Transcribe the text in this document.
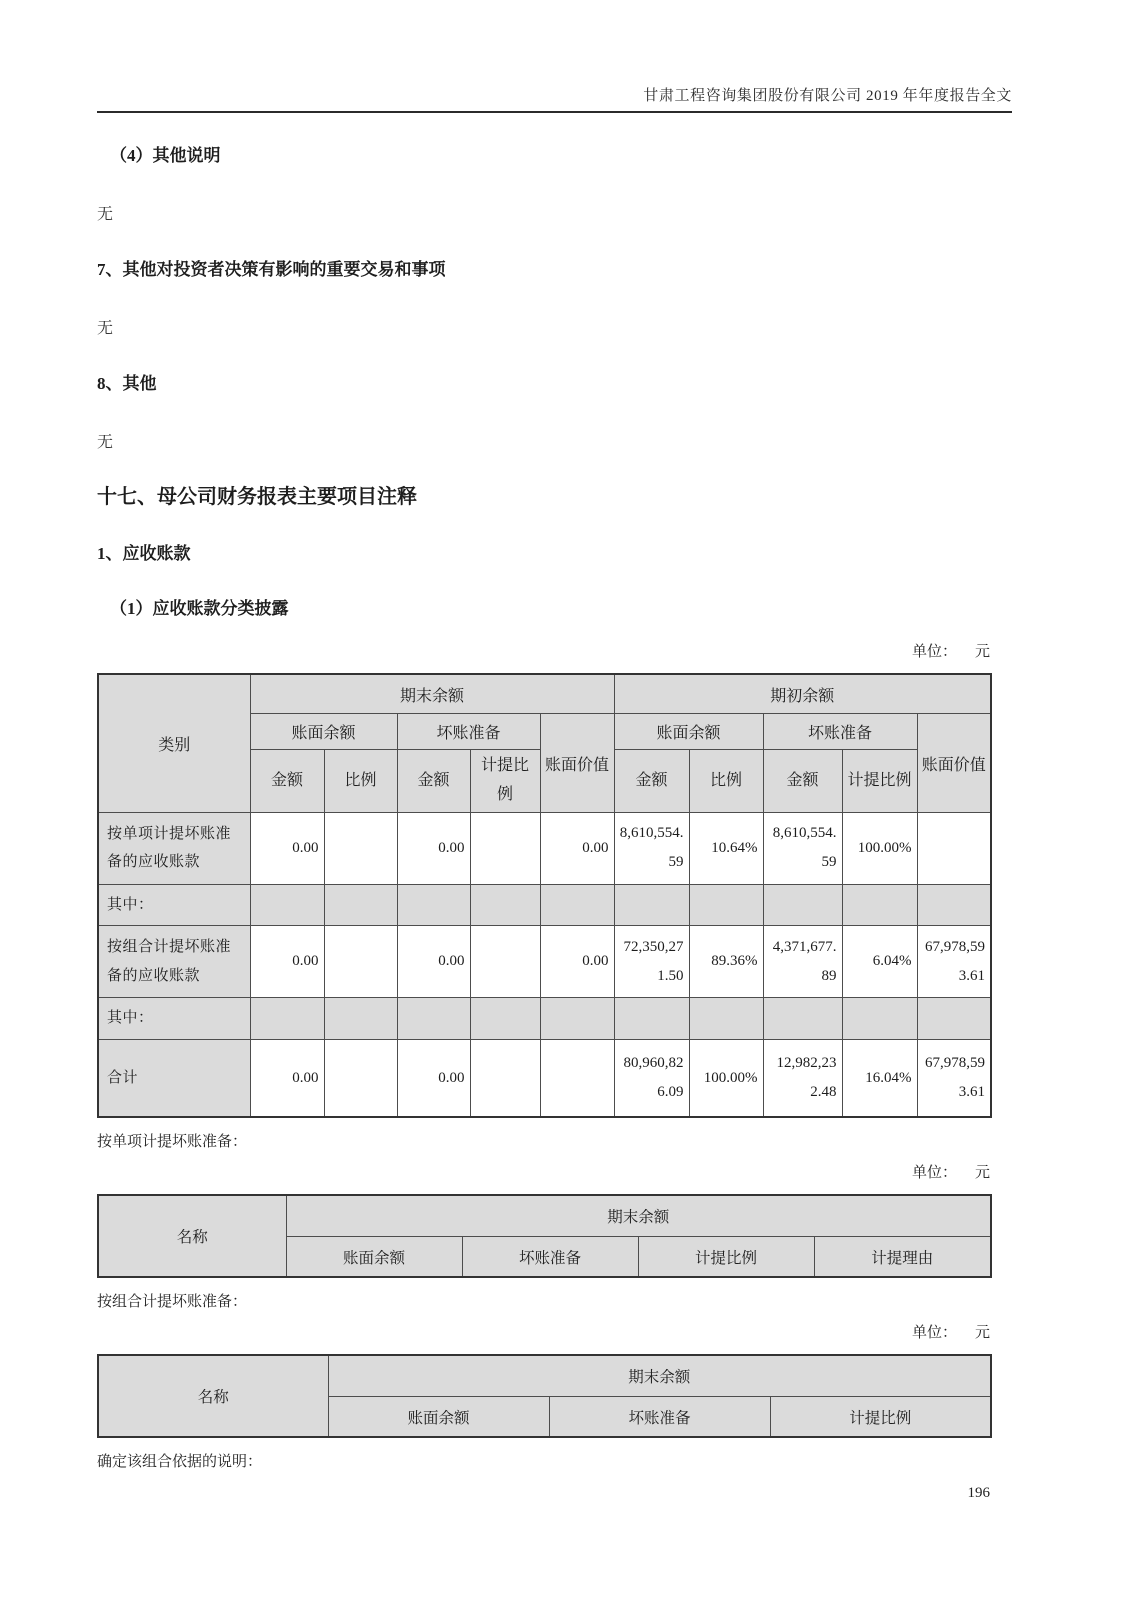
甘肃工程咨询集团股份有限公司 2019 年年度报告全文
（4）其他说明

无

7、其他对投资者决策有影响的重要交易和事项

无

8、其他

无

十七、母公司财务报表主要项目注释
1、应收账款
（1）应收账款分类披露
单位： 元
类别	期末余额					期初余额				
	账面余额		坏账准备		账面价值	账面余额		坏账准备		账面价值
	金额	比例	金额	计提比例		金额	比例	金额	计提比例	
按单项计提坏账准备的应收账款	0.00		0.00		0.00	8,610,554.59	10.64%	8,610,554.59	100.00%	
其中：										
按组合计提坏账准备的应收账款	0.00		0.00		0.00	72,350,271.50	89.36%	4,371,677.89	6.04%	67,978,593.61
其中：										
合计	0.00		0.00			80,960,826.09	100.00%	12,982,232.48	16.04%	67,978,593.61

按单项计提坏账准备：

单位： 元
名称	期末余额			
	账面余额	坏账准备	计提比例	计提理由

按组合计提坏账准备：

单位： 元
名称	期末余额		
	账面余额	坏账准备	计提比例

确定该组合依据的说明：

196
